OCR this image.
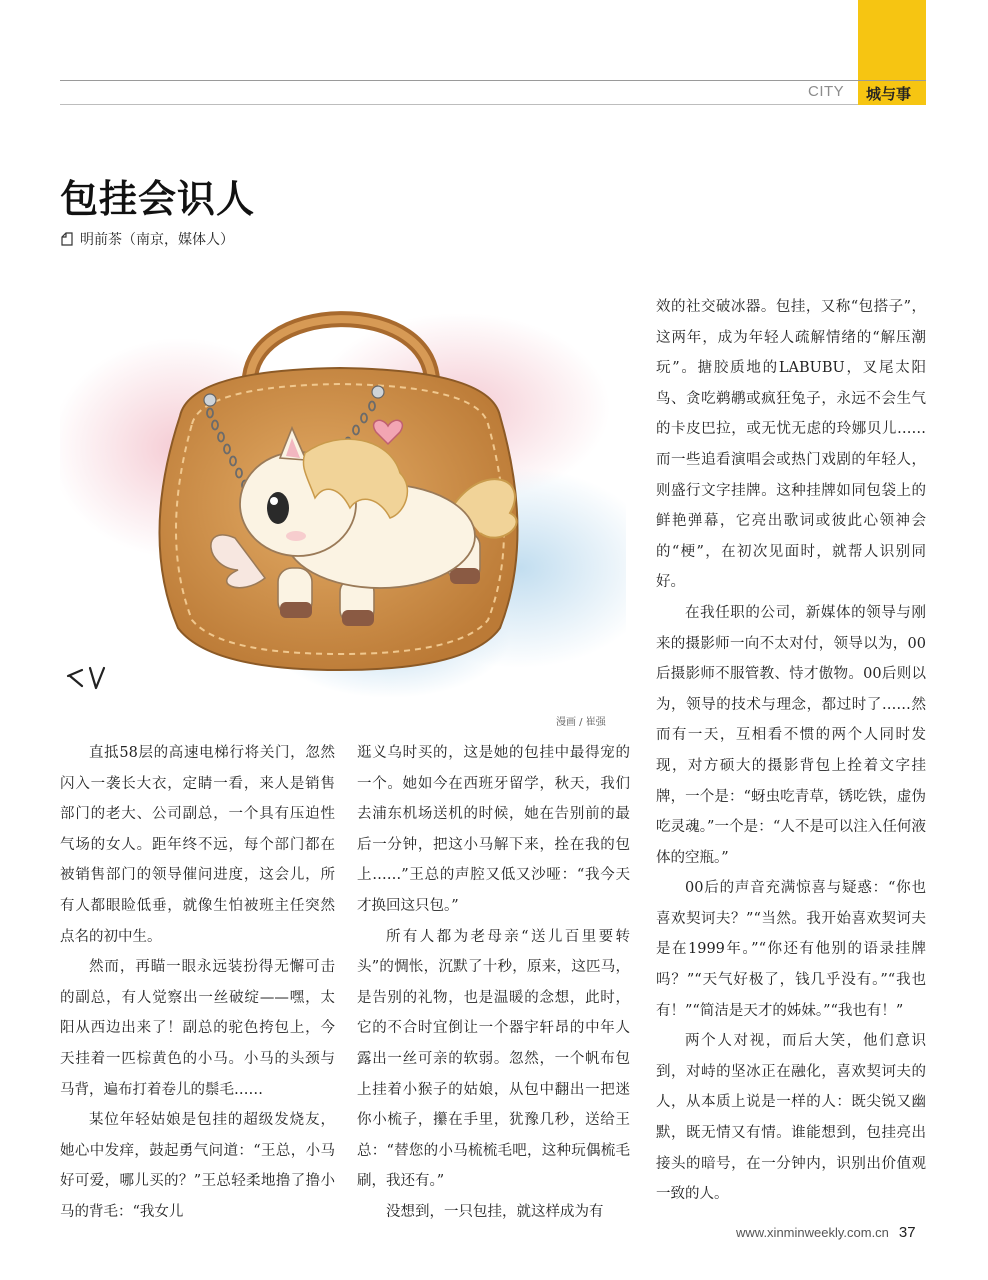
CITY 城与事
包挂会识人
明前茶（南京，媒体人）
漫画 / 崔强

直抵58层的高速电梯行将关门，忽然闪入一袭长大衣，定睛一看，来人是销售部门的老大、公司副总，一个具有压迫性气场的女人。距年终不远，每个部门都在被销售部门的领导催问进度，这会儿，所有人都眼睑低垂，就像生怕被班主任突然点名的初中生。

然而，再瞄一眼永远装扮得无懈可击的副总，有人觉察出一丝破绽——嘿，太阳从西边出来了！副总的驼色挎包上，今天挂着一匹棕黄色的小马。小马的头颈与马背，遍布打着卷儿的鬃毛……

某位年轻姑娘是包挂的超级发烧友，她心中发痒，鼓起勇气问道：“王总，小马好可爱，哪儿买的？”王总轻柔地撸了撸小马的背毛：“我女儿

逛义乌时买的，这是她的包挂中最得宠的一个。她如今在西班牙留学，秋天，我们去浦东机场送机的时候，她在告别前的最后一分钟，把这小马解下来，拴在我的包上……”王总的声腔又低又沙哑：“我今天才换回这只包。”

所有人都为老母亲“送儿百里要转头”的惆怅，沉默了十秒，原来，这匹马，是告别的礼物，也是温暖的念想，此时，它的不合时宜倒让一个器宇轩昂的中年人露出一丝可亲的软弱。忽然，一个帆布包上挂着小猴子的姑娘，从包中翻出一把迷你小梳子，攥在手里，犹豫几秒，送给王总：“替您的小马梳梳毛吧，这种玩偶梳毛刷，我还有。”

没想到，一只包挂，就这样成为有

效的社交破冰器。包挂，又称“包搭子”，这两年，成为年轻人疏解情绪的“解压潮玩”。搪胶质地的LABUBU，叉尾太阳鸟、贪吃鹈鹕或疯狂兔子，永远不会生气的卡皮巴拉，或无忧无虑的玲娜贝儿……而一些追看演唱会或热门戏剧的年轻人，则盛行文字挂牌。这种挂牌如同包袋上的鲜艳弹幕，它亮出歌词或彼此心领神会的“梗”，在初次见面时，就帮人识别同好。

在我任职的公司，新媒体的领导与刚来的摄影师一向不太对付，领导以为，00后摄影师不服管教、恃才傲物。00后则以为，领导的技术与理念，都过时了……然而有一天，互相看不惯的两个人同时发现，对方硕大的摄影背包上拴着文字挂牌，一个是：“蚜虫吃青草，锈吃铁，虚伪吃灵魂。”一个是：“人不是可以注入任何液体的空瓶。”

00后的声音充满惊喜与疑惑：“你也喜欢契诃夫？”“当然。我开始喜欢契诃夫是在1999年。”“你还有他别的语录挂牌吗？”“天气好极了，钱几乎没有。”“我也有！”“简洁是天才的姊妹。”“我也有！”

两个人对视，而后大笑，他们意识到，对峙的坚冰正在融化，喜欢契诃夫的人，从本质上说是一样的人：既尖锐又幽默，既无情又有情。谁能想到，包挂亮出接头的暗号，在一分钟内，识别出价值观一致的人。

www.xinminweekly.com.cn 37
